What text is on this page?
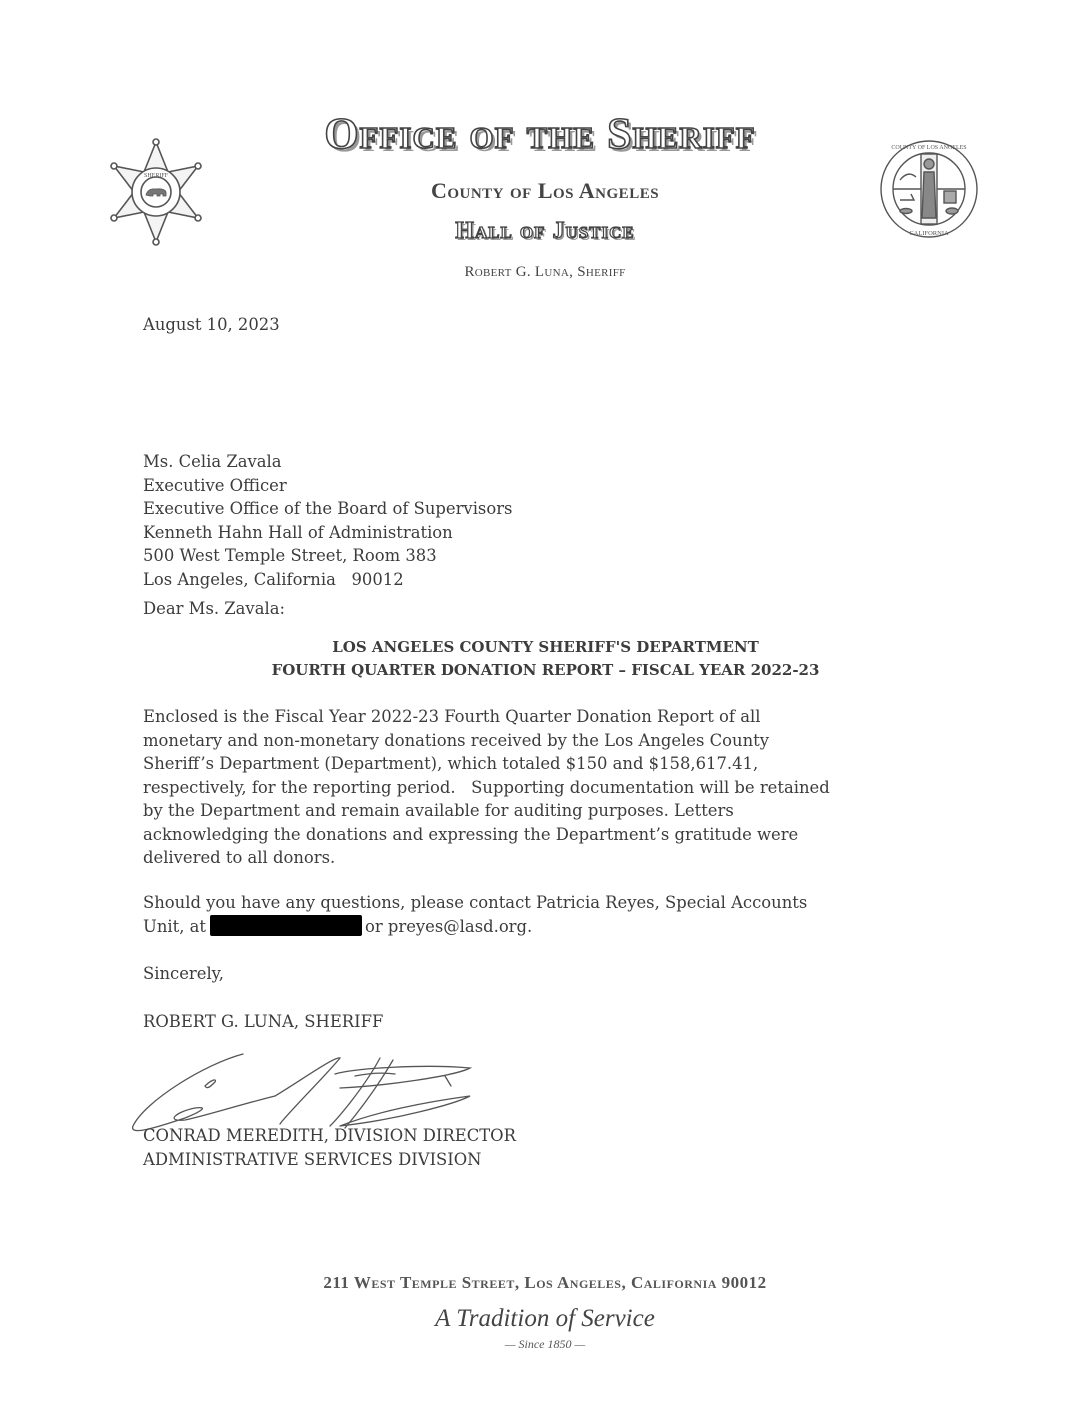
SHERIFF
Office of the Sheriff
County of Los Angeles
Hall of Justice
Robert G. Luna, Sheriff
CALIFORNIA
COUNTY OF LOS ANGELES
August 10, 2023
Ms. Celia Zavala
Executive Officer
Executive Office of the Board of Supervisors
Kenneth Hahn Hall of Administration
500 West Temple Street, Room 383
Los Angeles, California   90012
Dear Ms. Zavala:
LOS ANGELES COUNTY SHERIFF'S DEPARTMENT
FOURTH QUARTER DONATION REPORT – FISCAL YEAR 2022-23
Enclosed is the Fiscal Year 2022-23 Fourth Quarter Donation Report of all
monetary and non-monetary donations received by the Los Angeles County
Sheriff’s Department (Department), which totaled $150 and $158,617.41,
respectively, for the reporting period.   Supporting documentation will be retained
by the Department and remain available for auditing purposes. Letters
acknowledging the donations and expressing the Department’s gratitude were
delivered to all donors.
Should you have any questions, please contact Patricia Reyes, Special Accounts
Unit, at	or preyes@lasd.org.
Sincerely,
ROBERT G. LUNA, SHERIFF
CONRAD MEREDITH, DIVISION DIRECTOR
ADMINISTRATIVE SERVICES DIVISION
211 West Temple Street, Los Angeles, California 90012
A Tradition of Service
— Since 1850 —
